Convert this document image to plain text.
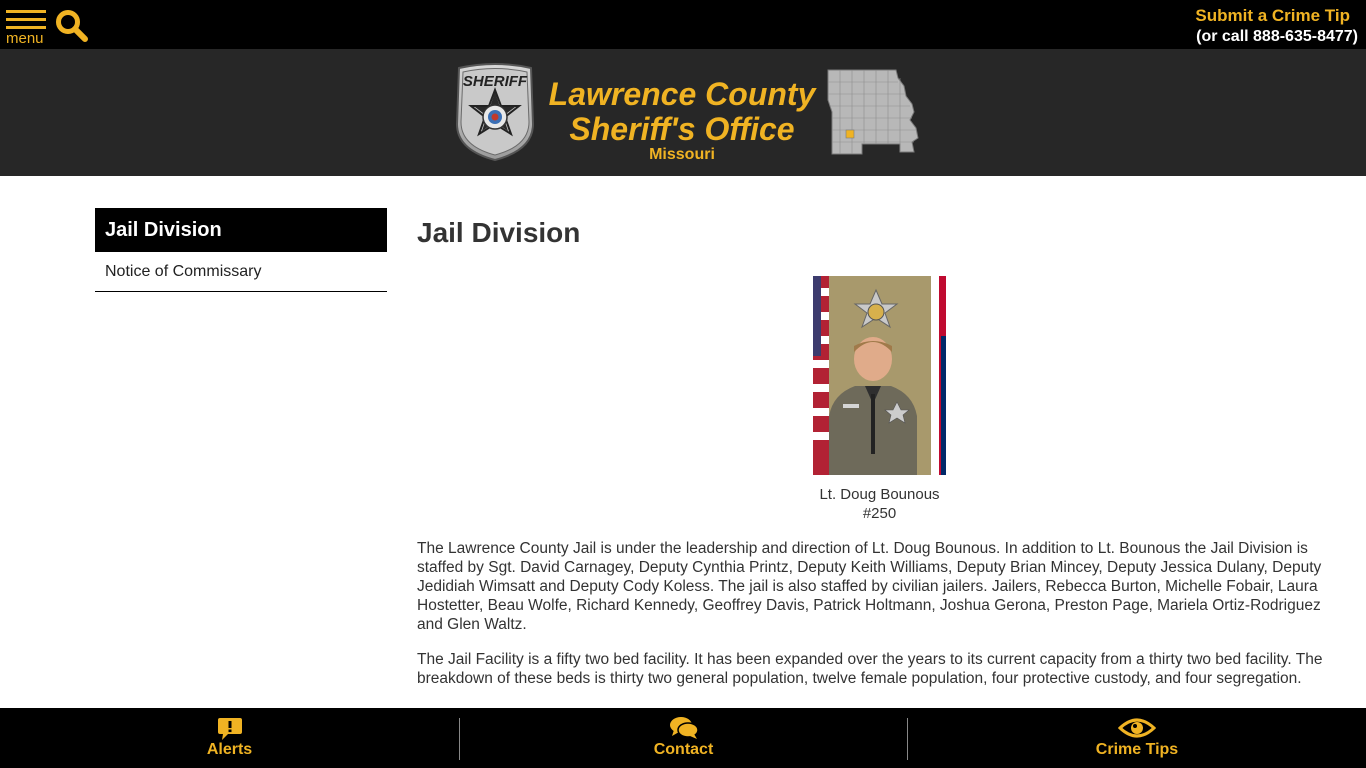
menu
Submit a Crime Tip
(or call 888-635-8477)
SHERIFF Lawrence County
Sheriff's Office
Missouri
Jail Division
Notice of Commissary
Jail Division
Lt. Doug Bounous
#250

The Lawrence County Jail is under the leadership and direction of Lt. Doug Bounous. In addition to Lt. Bounous the Jail Division is staffed by Sgt. David Carnagey, Deputy Cynthia Printz, Deputy Keith Williams, Deputy Brian Mincey, Deputy Jessica Dulany, Deputy Jedidiah Wimsatt and Deputy Cody Koless. The jail is also staffed by civilian jailers. Jailers, Rebecca Burton, Michelle Fobair, Laura Hostetter, Beau Wolfe, Richard Kennedy, Geoffrey Davis, Patrick Holtmann, Joshua Gerona, Preston Page, Mariela Ortiz-Rodriguez and Glen Waltz.

The Jail Facility is a fifty two bed facility. It has been expanded over the years to its current capacity from a thirty two bed facility. The breakdown of these beds is thirty two general population, twelve female population, four protective custody, and four segregation.

Alerts	Contact	Crime Tips
